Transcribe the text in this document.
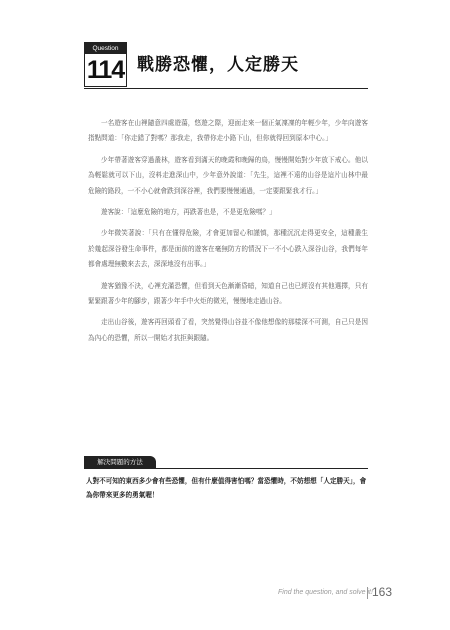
Question
114 戰勝恐懼，人定勝天

一名遊客在山裡隨意四處遊蕩，悠遊之際，迎面走來一個正氣凜凜的年輕少年，少年向遊客指點問道：「你走錯了對嗎？那我走，我帶你走小路下山，但你就得回到原本中心。」

少年帶著遊客穿過叢林，遊客看到滿天的晚霞和晚歸的鳥，慢慢開始對少年放下戒心。他以為輕鬆就可以下山，沒料走進深山中，少年意外說道：「先生，這裡不遠的山谷是這片山林中最危險的路段，一不小心就會跌到深谷裡，我們要慢慢通過，一定要跟緊我才行。」

遊客說：「這麼危險的地方，再跌著也是，不是更危險嗎？」

少年微笑著說：「只有在懂得危險，才會更加留心和謹慎，那種沉沉走得更安全，這種叢生於幾起深谷發生命事件，都是面前的遊客在毫無防方的情況下一不小心跌入深谷山谷，我們每年都會處理無數來去去，深深地沒有出事。」

遊客猶豫不決，心裡充滿恐懼，但看到天色漸漸昏暗，知道自己也已經沒有其他選擇，只有緊緊跟著少年的腳步，跟著少年手中火炬的微光，慢慢地走過山谷。

走出山谷後，遊客再回頭看了看，突然覺得山谷並不像他想像的那樣深不可測，自己只是因為內心的恐懼，所以一開始才抗拒與跟隨。

解決問題的方法
人對不可知的東西多少會有些恐懼，但有什麼值得害怕嗎？當恐懼時，不妨想想「人定勝天」，會為你帶來更多的勇氣喔！
Find the question, and solve it! 163
